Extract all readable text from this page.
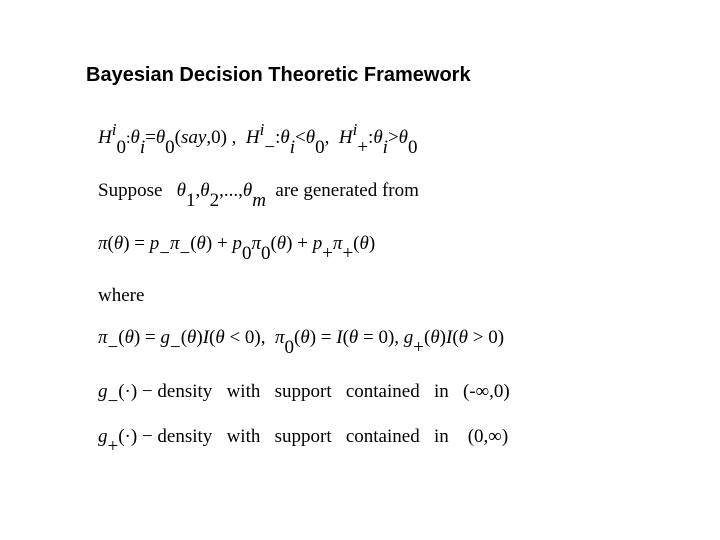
Bayesian Decision Theoretic Framework
Hi0:θi=θ0(say,0) ,  Hi−:θi<θ0,  Hi+:θi>θ0
Suppose θ1,θ2,...,θm are generated from
π(θ) = p−π−(θ) + p0π0(θ) + p+π+(θ)
where
π−(θ) = g−(θ)I(θ < 0),  π0(θ) = I(θ = 0), g+(θ)I(θ > 0)
g−(·) − density with support contained in (-∞,0)
g+(·) − density with support contained in (0,∞)
